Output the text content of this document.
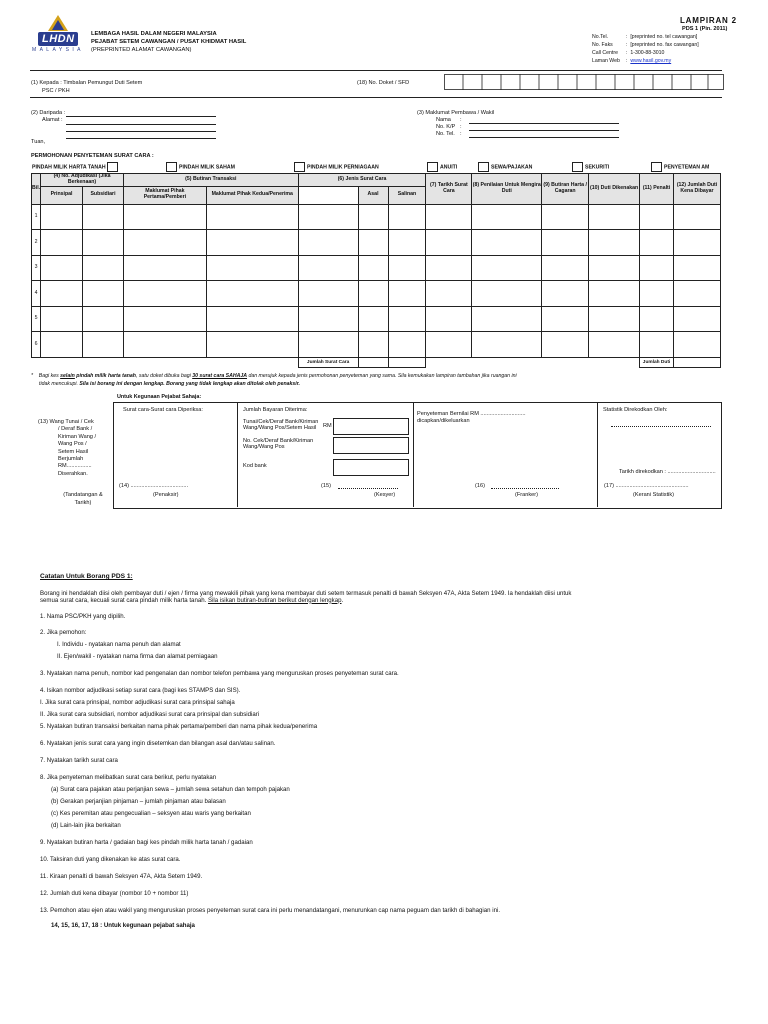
LHDN
MALAYSIA
LEMBAGA HASIL DALAM NEGERI MALAYSIA
PEJABAT SETEM CAWANGAN / PUSAT KHIDMAT HASIL
(PREPRINTED ALAMAT CAWANGAN)
LAMPIRAN 2
PDS 1 (Pin. 2011)
No.Tel.	:  [preprinted no. tel cawangan]
No. Faks	:  [preprinted no. fax cawangan]
Call Centre :  1-300-88-3010
Laman Web :  www.hasil.gov.my
(1) Kepada : Timbalan Pemungut Duti Setem
PSC / PKH
(18) No. Doket / SFD
(2) Daripada :
Alamat :
(3) Maklumat Pembawa / Wakil
Nama :
No. K/P :
No. Tel. :
Tuan,
PERMOHONAN PENYETEMAN SURAT CARA :
PINDAH MILIK HARTA TANAH	PINDAH MILIK SAHAM	PINDAH MILIK PERNIAGAAN	ANUITI	SEWA/PAJAKAN	SEKURITI	PENYETEMAN AM
Bil.	(4) No. Adjudikasi (Jika Berkenaan)		(5) Butiran Transaksi		(6) Jenis Surat Cara			(7) Tarikh Surat Cara	(8) Penilaian Untuk Mengira Duti	(9) Butiran Harta / Cagaran	(10) Duti Dikenakan	(11) Penalti	(12) Jumlah Duti Kena Dibayar
	Prinsipal	Subsidiari	Maklumat Pihak Pertama/Pemberi	Maklumat Pihak Kedua/Penerima		Asal	Salinan						
1													
2													
3													
4													
5													
6													
					Jumlah Surat Cara							Jumlah Duti	
* Bagi kes selain pindah milik harta tanah, satu doket dibuka bagi 30 surat cara SAHAJA dan merujuk kepada jenis permohonan penyeteman yang sama. Sila kemukakan lampiran tambahan jika ruangan ini
tidak mencukupi. Sila isi borang ini dengan lengkap. Borang yang tidak lengkap akan ditolak oleh penaksir.
Untuk Kegunaan Pejabat Sahaja:
(13) Wang Tunai / Cek
/ Deraf Bank /
Kiriman Wang /
Wang Pos /
Setem Hasil
Berjumlah
RM................
Diserahkan.
(Tandatangan & Tarikh)
Surat cara-Surat cara Diperiksa:
(14) .....................................
(Penaksir)
Jumlah Bayaran Diterima:
Tunai/Cek/Deraf Bank/Kiriman Wang/Wang Pos/Setem Hasil	RM
No. Cek/Deraf Bank/Kiriman Wang/Wang Pos
Kod bank
(15)
(Kesyer)
Penyeteman Bernilai RM .............................
dicapkan/dikeluarkan
(16)
(Franker)
Statistik Direkodkan Oleh:
Tarikh direkodkan : ...............................
(17) ...............................................
(Kerani Statistik)

Catatan Untuk Borang PDS 1:

Borang ini hendaklah diisi oleh pembayar duti / ejen / firma yang mewakili pihak yang kena membayar duti setem termasuk penalti di bawah Seksyen 47A, Akta Setem 1949. Ia hendaklah diisi untuk

semua surat cara, kecuali surat cara pindah milik harta tanah. Sila isikan butiran-butiran berikut dengan lengkap.

1. Nama PSC/PKH yang dipilih.

2. Jika pemohon:

I. Individu - nyatakan nama penuh dan alamat

II. Ejen/wakil - nyatakan nama firma dan alamat perniagaan

3. Nyatakan nama penuh, nombor kad pengenalan dan nombor telefon pembawa yang menguruskan proses penyeteman surat cara.

4. Isikan nombor adjudikasi setiap surat cara (bagi kes STAMPS dan SIS).

I. Jika surat cara prinsipal, nombor adjudikasi surat cara prinsipal sahaja

II. Jika surat cara subsidiari, nombor adjudikasi surat cara prinsipal dan subsidiari

5. Nyatakan butiran transaksi berkaitan nama pihak pertama/pemberi dan nama pihak kedua/penerima

6. Nyatakan jenis surat cara yang ingin disetemkan dan bilangan asal dan/atau salinan.

7. Nyatakan tarikh surat cara

8. Jika penyeteman melibatkan surat cara berikut, perlu nyatakan

(a) Surat cara pajakan atau perjanjian sewa – jumlah sewa setahun dan tempoh pajakan

(b) Gerakan perjanjian pinjaman – jumlah pinjaman atau balasan

(c) Kes peremitan atau pengecualian – seksyen atau waris yang berkaitan

(d) Lain-lain jika berkaitan

9. Nyatakan butiran harta / gadaian bagi kes pindah milik harta tanah / gadaian

10. Taksiran duti yang dikenakan ke atas surat cara.

11. Kiraan penalti di bawah Seksyen 47A, Akta Setem 1949.

12. Jumlah duti kena dibayar (nombor 10 + nombor 11)

13. Pemohon atau ejen atau wakil yang menguruskan proses penyeteman surat cara ini perlu menandatangani, menurunkan cap nama peguam dan tarikh di bahagian ini.

14, 15, 16, 17, 18 : Untuk kegunaan pejabat sahaja
